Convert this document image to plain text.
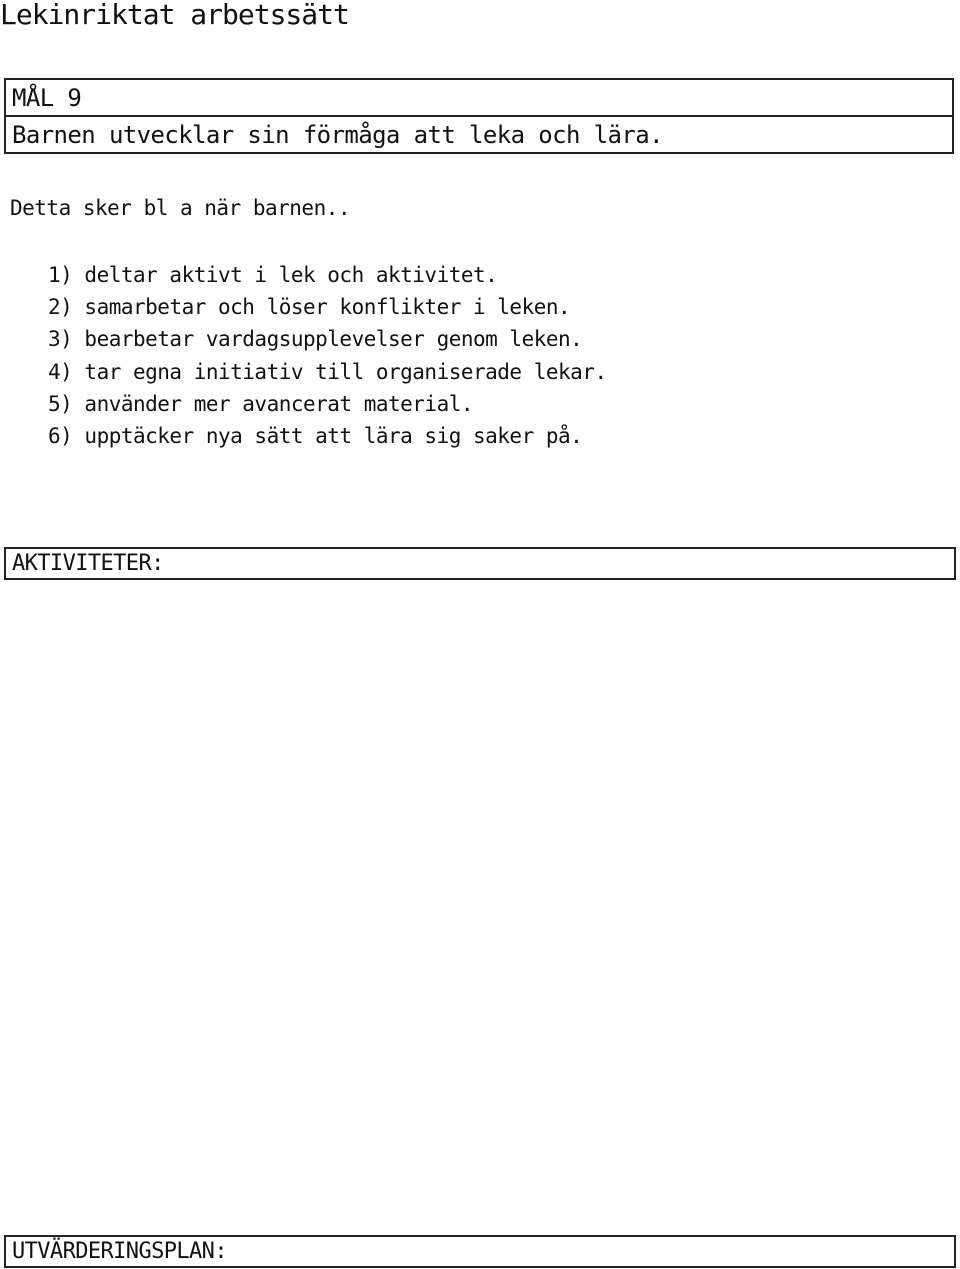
Lekinriktat arbetssätt
MÅL 9
Barnen utvecklar sin förmåga att leka och lära.
Detta sker bl a när barnen..
1) deltar aktivt i lek och aktivitet.
2) samarbetar och löser konflikter i leken.
3) bearbetar vardagsupplevelser genom leken.
4) tar egna initiativ till organiserade lekar.
5) använder mer avancerat material.
6) upptäcker nya sätt att lära sig saker på.
AKTIVITETER:
UTVÄRDERINGSPLAN:
